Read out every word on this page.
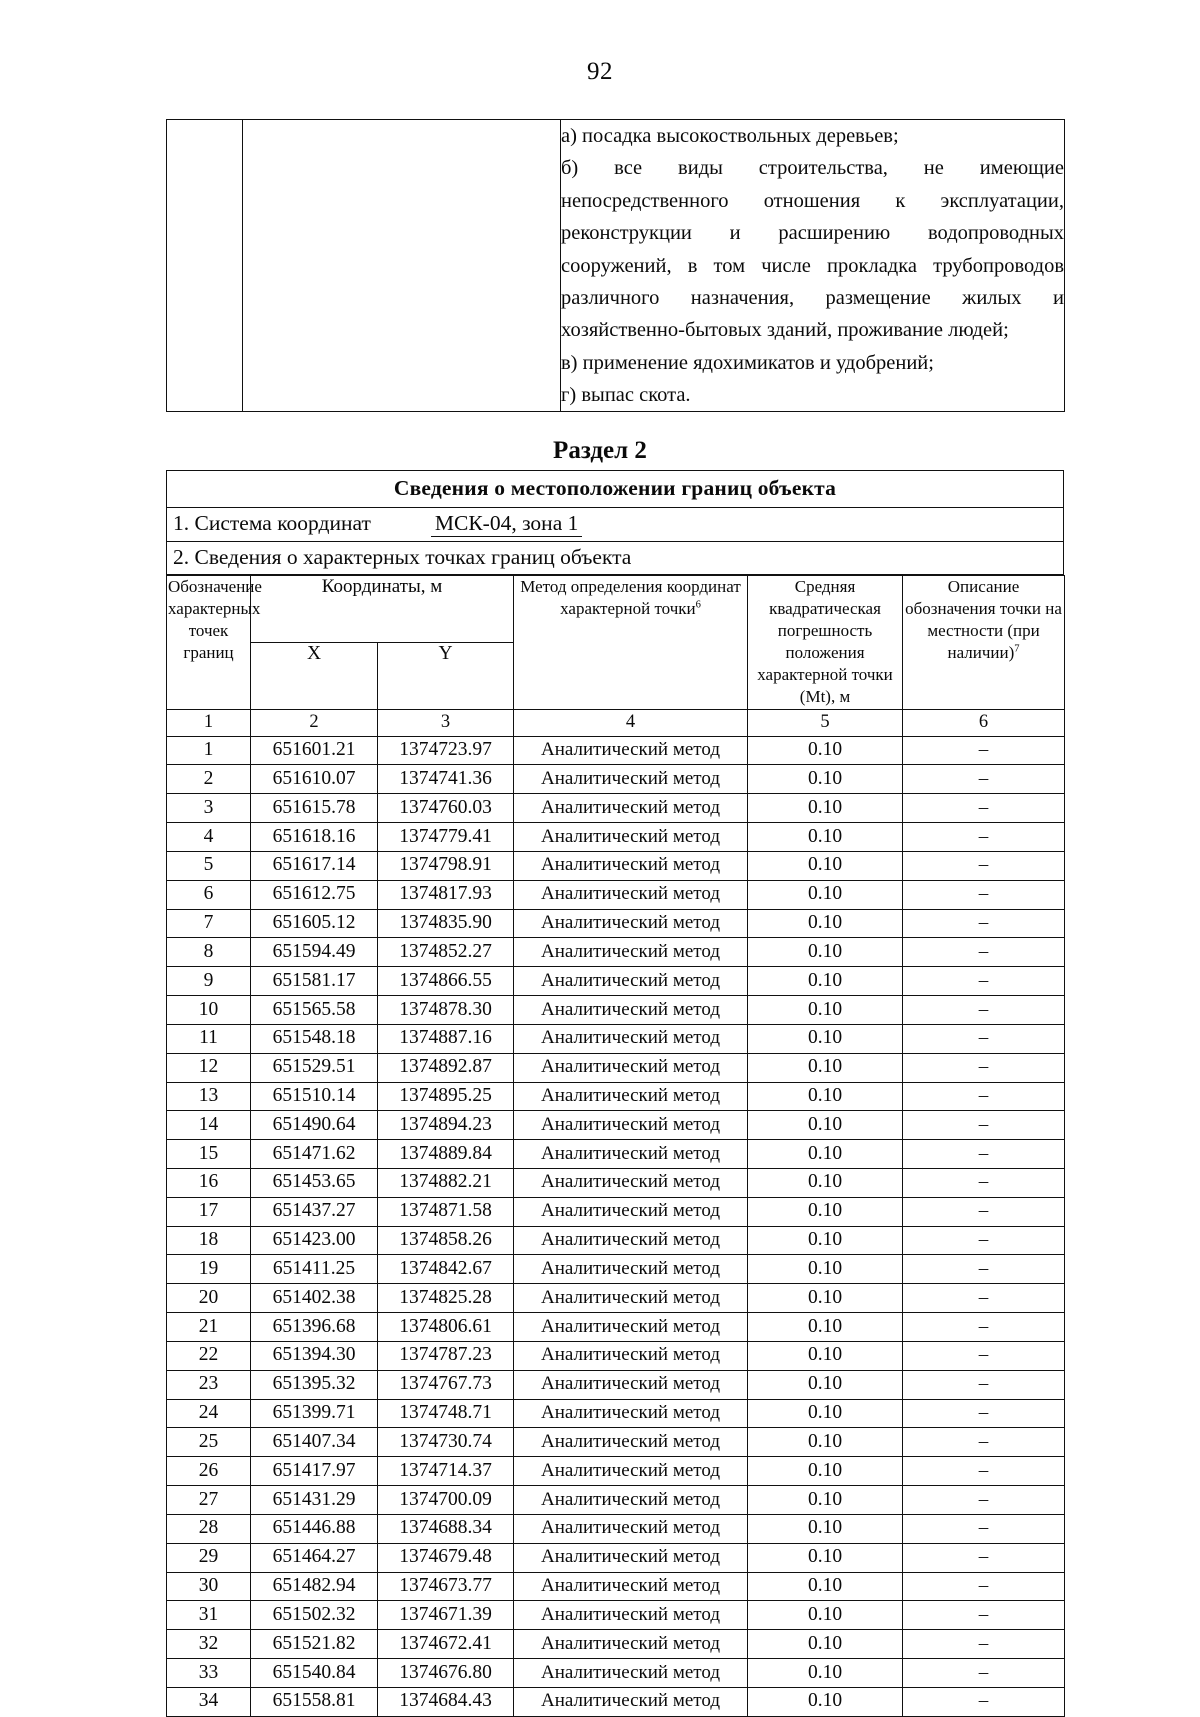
92

а) посадка высокоствольных деревьев;

б) все виды строительства, не имеющие непосредственного отношения к эксплуатации, реконструкции и расширению водопроводных сооружений, в том числе прокладка трубопроводов различного назначения, размещение жилых и хозяйственно-бытовых зданий, проживание людей;

в) применение ядохимикатов и удобрений;

г) выпас скота.

Раздел 2
Сведения о местоположении границ объекта
1. Система координат	МСК-04, зона 1
2. Сведения о характерных точках границ объекта
Обозначение характерных точек границ	Координаты, м		Метод определения координат характерной точки$^6$	Средняя квадратическая погрешность положения характерной точки (Mt), м	Описание обозначения точки на местности (при наличии)$^7$
	X	Y			
1	2	3	4	5	6
1	651601.21	1374723.97	Аналитический метод	0.10	–
2	651610.07	1374741.36	Аналитический метод	0.10	–
3	651615.78	1374760.03	Аналитический метод	0.10	–
4	651618.16	1374779.41	Аналитический метод	0.10	–
5	651617.14	1374798.91	Аналитический метод	0.10	–
6	651612.75	1374817.93	Аналитический метод	0.10	–
7	651605.12	1374835.90	Аналитический метод	0.10	–
8	651594.49	1374852.27	Аналитический метод	0.10	–
9	651581.17	1374866.55	Аналитический метод	0.10	–
10	651565.58	1374878.30	Аналитический метод	0.10	–
11	651548.18	1374887.16	Аналитический метод	0.10	–
12	651529.51	1374892.87	Аналитический метод	0.10	–
13	651510.14	1374895.25	Аналитический метод	0.10	–
14	651490.64	1374894.23	Аналитический метод	0.10	–
15	651471.62	1374889.84	Аналитический метод	0.10	–
16	651453.65	1374882.21	Аналитический метод	0.10	–
17	651437.27	1374871.58	Аналитический метод	0.10	–
18	651423.00	1374858.26	Аналитический метод	0.10	–
19	651411.25	1374842.67	Аналитический метод	0.10	–
20	651402.38	1374825.28	Аналитический метод	0.10	–
21	651396.68	1374806.61	Аналитический метод	0.10	–
22	651394.30	1374787.23	Аналитический метод	0.10	–
23	651395.32	1374767.73	Аналитический метод	0.10	–
24	651399.71	1374748.71	Аналитический метод	0.10	–
25	651407.34	1374730.74	Аналитический метод	0.10	–
26	651417.97	1374714.37	Аналитический метод	0.10	–
27	651431.29	1374700.09	Аналитический метод	0.10	–
28	651446.88	1374688.34	Аналитический метод	0.10	–
29	651464.27	1374679.48	Аналитический метод	0.10	–
30	651482.94	1374673.77	Аналитический метод	0.10	–
31	651502.32	1374671.39	Аналитический метод	0.10	–
32	651521.82	1374672.41	Аналитический метод	0.10	–
33	651540.84	1374676.80	Аналитический метод	0.10	–
34	651558.81	1374684.43	Аналитический метод	0.10	–
